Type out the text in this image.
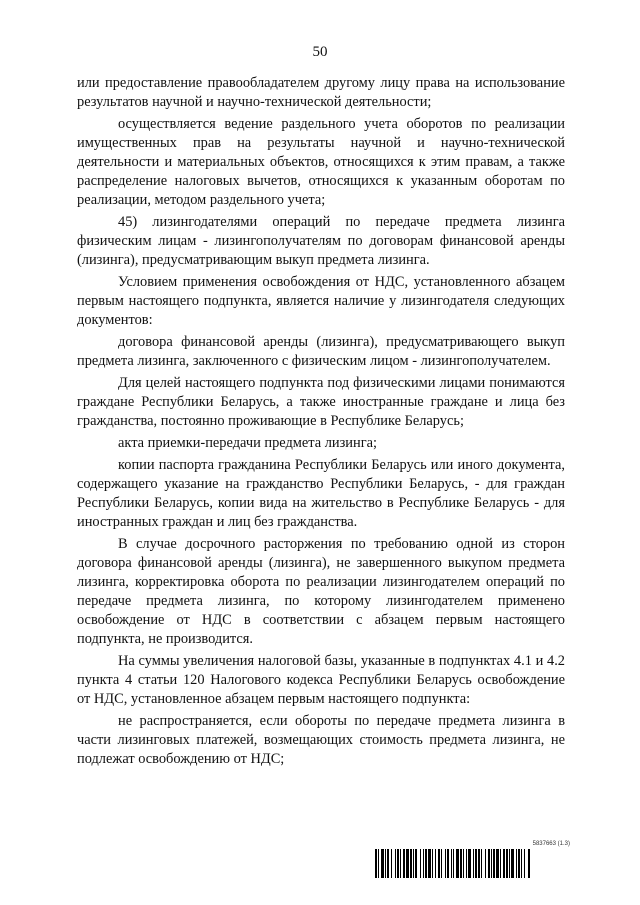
50

или предоставление правообладателем другому лицу права на использование результатов научной и научно-технической деятельности;

осуществляется ведение раздельного учета оборотов по реализации имущественных прав на результаты научной и научно-технической деятельности и материальных объектов, относящихся к этим правам, а также распределение налоговых вычетов, относящихся к указанным оборотам по реализации, методом раздельного учета;

45) лизингодателями операций по передаче предмета лизинга физическим лицам - лизингополучателям по договорам финансовой аренды (лизинга), предусматривающим выкуп предмета лизинга.

Условием применения освобождения от НДС, установленного абзацем первым настоящего подпункта, является наличие у лизингодателя следующих документов:

договора финансовой аренды (лизинга), предусматривающего выкуп предмета лизинга, заключенного с физическим лицом - лизингополучателем.

Для целей настоящего подпункта под физическими лицами понимаются граждане Республики Беларусь, а также иностранные граждане и лица без гражданства, постоянно проживающие в Республике Беларусь;

акта приемки-передачи предмета лизинга;

копии паспорта гражданина Республики Беларусь или иного документа, содержащего указание на гражданство Республики Беларусь, - для граждан Республики Беларусь, копии вида на жительство в Республике Беларусь - для иностранных граждан и лиц без гражданства.

В случае досрочного расторжения по требованию одной из сторон договора финансовой аренды (лизинга), не завершенного выкупом предмета лизинга, корректировка оборота по реализации лизингодателем операций по передаче предмета лизинга, по которому лизингодателем применено освобождение от НДС в соответствии с абзацем первым настоящего подпункта, не производится.

На суммы увеличения налоговой базы, указанные в подпунктах 4.1 и 4.2 пункта 4 статьи 120 Налогового кодекса Республики Беларусь освобождение от НДС, установленное абзацем первым настоящего подпункта:

не распространяется, если обороты по передаче предмета лизинга в части лизинговых платежей, возмещающих стоимость предмета лизинга, не подлежат освобождению от НДС;

5837663 (1.3)
